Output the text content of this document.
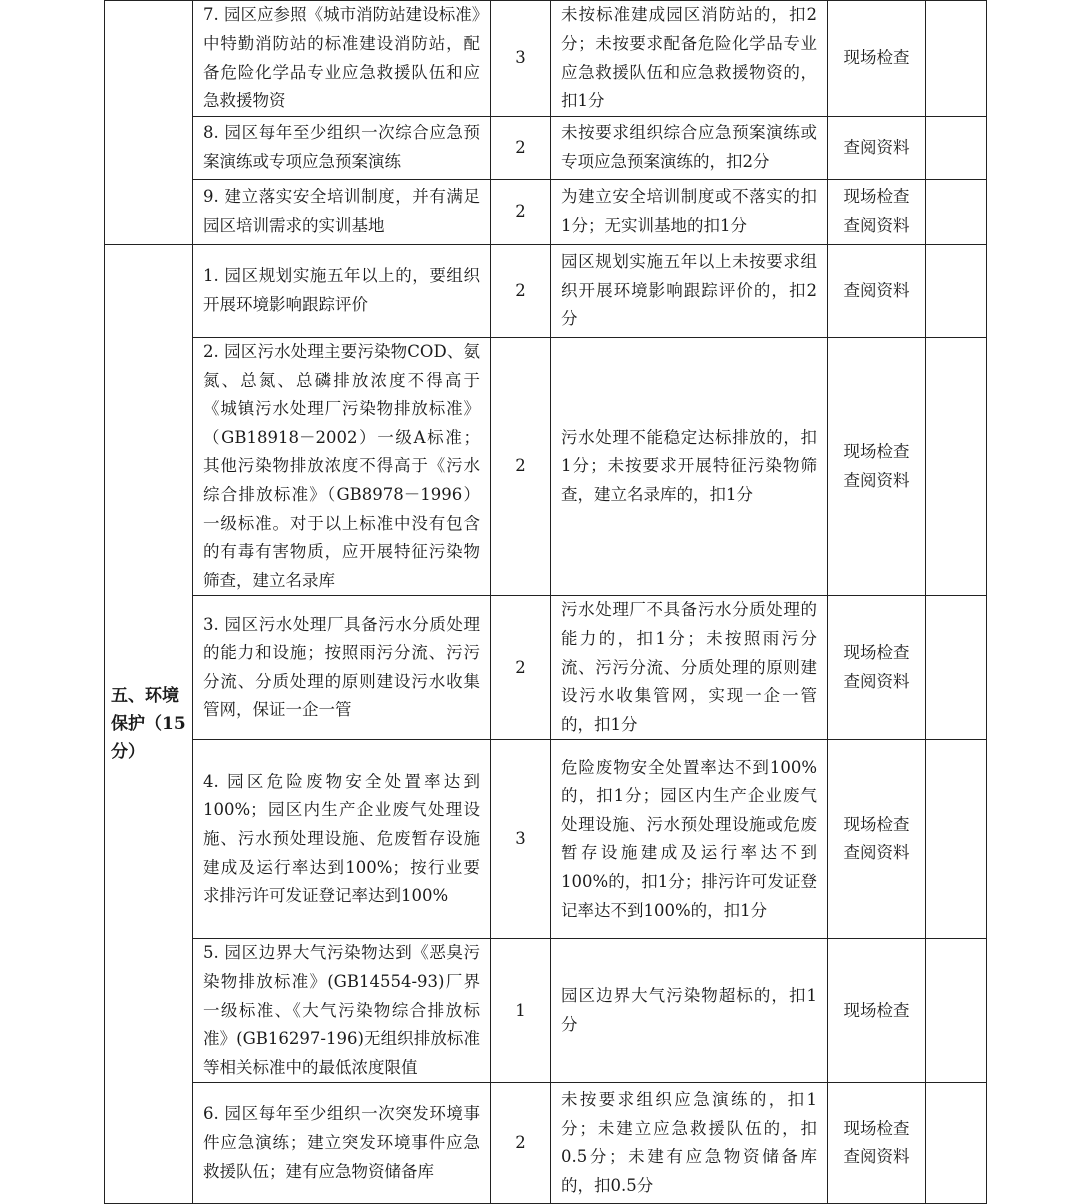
	7. 园区应参照《城市消防站建设标准》中特勤消防站的标准建设消防站，配备危险化学品专业应急救援队伍和应急救援物资	3	未按标准建成园区消防站的，扣2分；未按要求配备危险化学品专业应急救援队伍和应急救援物资的，扣1分	现场检查	

	8. 园区每年至少组织一次综合应急预案演练或专项应急预案演练	2	未按要求组织综合应急预案演练或专项应急预案演练的，扣2分	查阅资料	

	9. 建立落实安全培训制度，并有满足园区培训需求的实训基地	2	为建立安全培训制度或不落实的扣1分；无实训基地的扣1分	现场检查
查阅资料	

五、环境保护（15分）	1. 园区规划实施五年以上的，要组织开展环境影响跟踪评价	2	园区规划实施五年以上未按要求组织开展环境影响跟踪评价的，扣2分	查阅资料	

	2. 园区污水处理主要污染物COD、氨氮、总氮、总磷排放浓度不得高于《城镇污水处理厂污染物排放标准》（GB18918－2002）一级A标准；其他污染物排放浓度不得高于《污水综合排放标准》（GB8978－1996）一级标准。对于以上标准中没有包含的有毒有害物质，应开展特征污染物筛查，建立名录库	2	污水处理不能稳定达标排放的，扣1分；未按要求开展特征污染物筛查，建立名录库的，扣1分	现场检查
查阅资料	

	3. 园区污水处理厂具备污水分质处理的能力和设施；按照雨污分流、污污分流、分质处理的原则建设污水收集管网，保证一企一管	2	污水处理厂不具备污水分质处理的能力的，扣1分；未按照雨污分流、污污分流、分质处理的原则建设污水收集管网，实现一企一管的，扣1分	现场检查
查阅资料	

	4. 园区危险废物安全处置率达到100%；园区内生产企业废气处理设施、污水预处理设施、危废暂存设施建成及运行率达到100%；按行业要求排污许可发证登记率达到100%	3	危险废物安全处置率达不到100%的，扣1分；园区内生产企业废气处理设施、污水预处理设施或危废暂存设施建成及运行率达不到100%的，扣1分；排污许可发证登记率达不到100%的，扣1分	现场检查
查阅资料	

	5. 园区边界大气污染物达到《恶臭污染物排放标准》(GB14554-93)厂界一级标准、《大气污染物综合排放标准》(GB16297-196)无组织排放标准等相关标准中的最低浓度限值	1	园区边界大气污染物超标的，扣1分	现场检查	

	6. 园区每年至少组织一次突发环境事件应急演练；建立突发环境事件应急救援队伍；建有应急物资储备库	2	未按要求组织应急演练的，扣1分；未建立应急救援队伍的，扣0.5分；未建有应急物资储备库的，扣0.5分	现场检查
查阅资料	
